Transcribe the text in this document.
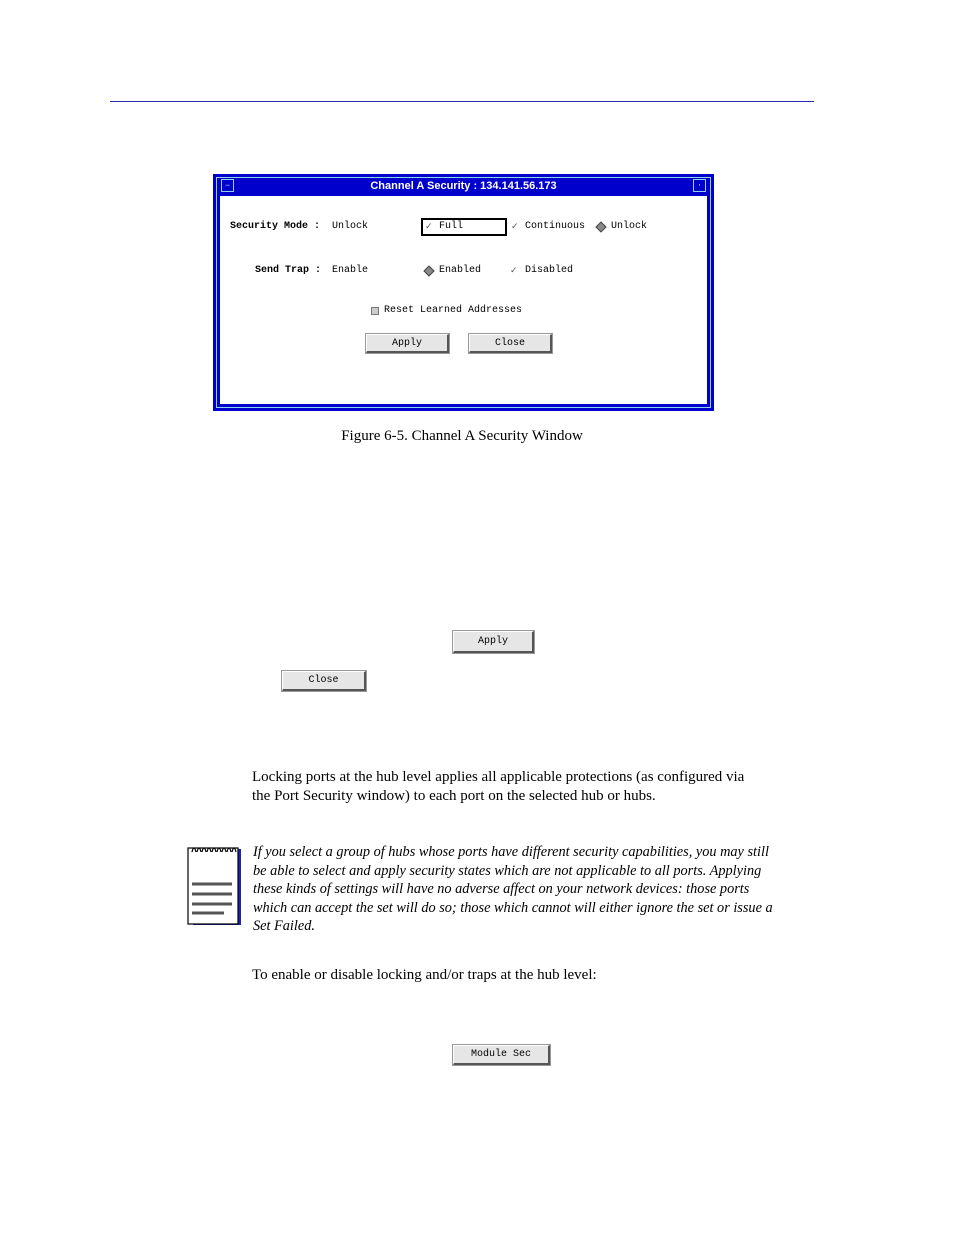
Channel A Security : 134.141.56.173
−	·
Security Mode : Unlock	✓ Full	✓ Continuous	Unlock
Send Trap : Enable	Enabled	✓ Disabled
Reset Learned Addresses
Apply	Close
Figure 6-5. Channel A Security Window
Apply
Close
Locking ports at the hub level applies all applicable protections (as configured via
the Port Security window) to each port on the selected hub or hubs.
If you select a group of hubs whose ports have different security capabilities, you may still
be able to select and apply security states which are not applicable to all ports. Applying
these kinds of settings will have no adverse affect on your network devices: those ports
which can accept the set will do so; those which cannot will either ignore the set or issue a
Set Failed.
To enable or disable locking and/or traps at the hub level:
Module Sec
